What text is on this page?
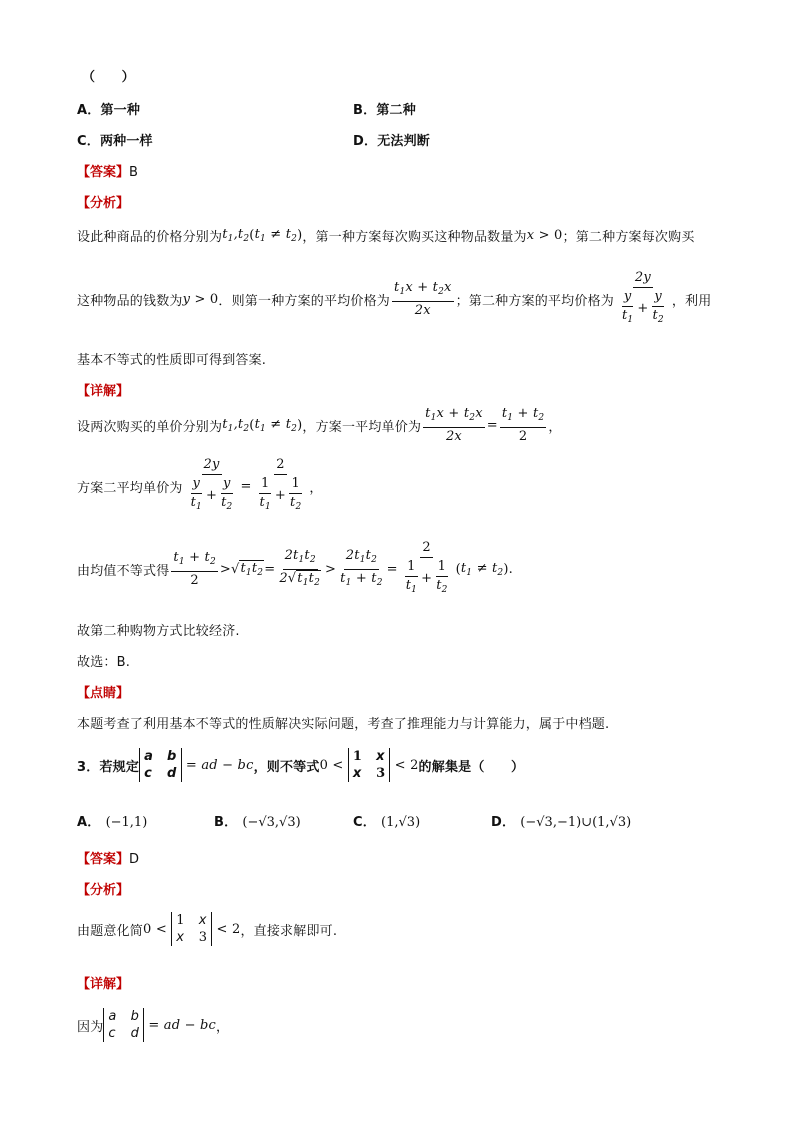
（　　）
A．第一种	B．第二种
C．两种一样	D．无法判断
【答案】B
【分析】
设此种商品的价格分别为 $t_1,t_2$ ( $t_1 \ne t_2$ ) ，第一种方案每次购买这种物品数量为 x > 0 ；第二种方案每次购买
这种物品的钱数为 y > 0 ．则第一种方案的平均价格为 $\frac{t_1x + t_2x}{2x}$ ；第二种方案的平均价格为 $\frac{2y}{\frac{y}{t_1} + \frac{y}{t_2}}$ ，利用
基本不等式的性质即可得到答案.
【详解】
设两次购买的单价分别为 $t_1,t_2$ ( $t_1 \ne t_2$ ) ，方案一平均单价为 $\frac{t_1x + t_2x}{2x} = \frac{t_1 + t_2}{2}$ ，
方案二平均单价为 $\frac{2y}{\frac{y}{t_1} + \frac{y}{t_2}} = \frac{2}{\frac{1}{t_1} + \frac{1}{t_2}}$ ，
由均值不等式得 $\frac{t_1 + t_2}{2}$ > √ $t_1t_2 = \frac{2t_1t_2}{2√t_1t_2} > \frac{2t_1t_2}{t_1 + t_2} = \frac{2}{\frac{1}{t_1} + \frac{1}{t_2}}$ ( $t_1 \ne t_2$ ).
故第二种购物方式比较经济.
故选：B.
【点睛】
本题考查了利用基本不等式的性质解决实际问题，考查了推理能力与计算能力，属于中档题.
3． 若规定
a b
c d
= ad − bc ，则不等式 0 <
1 x
x 3
< 2 的解集是（　　）
A． (−1,1)	B． (−√3,√3)	C． (1,√3)	D． (−√3,−1)∪(1,√3)
【答案】D
【分析】
由题意化简 0 <
1 x
x 3
< 2 ，直接求解即可.
【详解】
因为
a b
c d
= ad − bc ，
